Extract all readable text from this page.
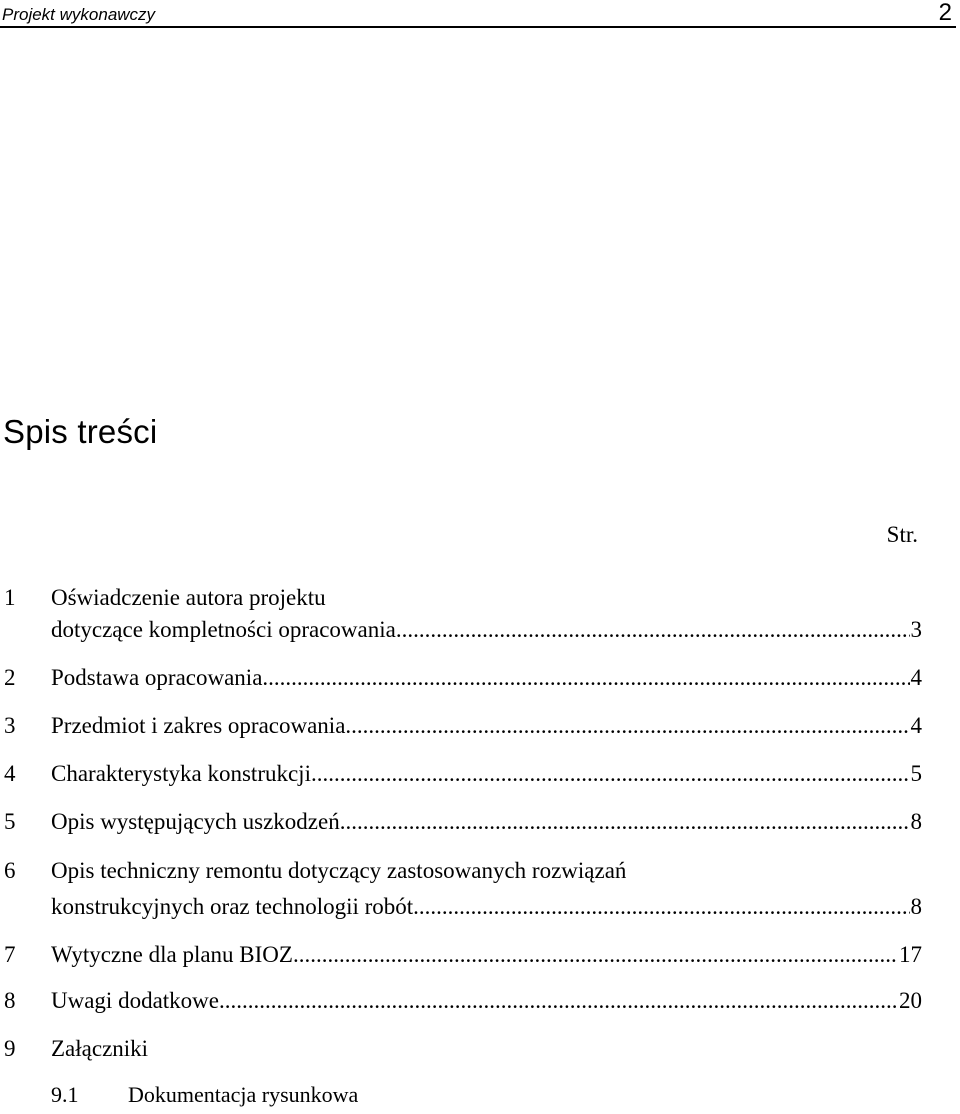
Projekt wykonawczy	2
Spis treści
Str.
1 Oświadczenie autora projektu
dotyczące kompletności opracowania .....	3
2 Podstawa opracowania .....	4
3 Przedmiot i zakres opracowania .....	4
4 Charakterystyka konstrukcji .....	5
5 Opis występujących uszkodzeń .....	8
6 Opis techniczny remontu dotyczący zastosowanych rozwiązań
konstrukcyjnych oraz technologii robót .....	8
7 Wytyczne dla planu BIOZ .....	17
8 Uwagi dodatkowe .....	20
9 Załączniki
9.1 Dokumentacja rysunkowa
